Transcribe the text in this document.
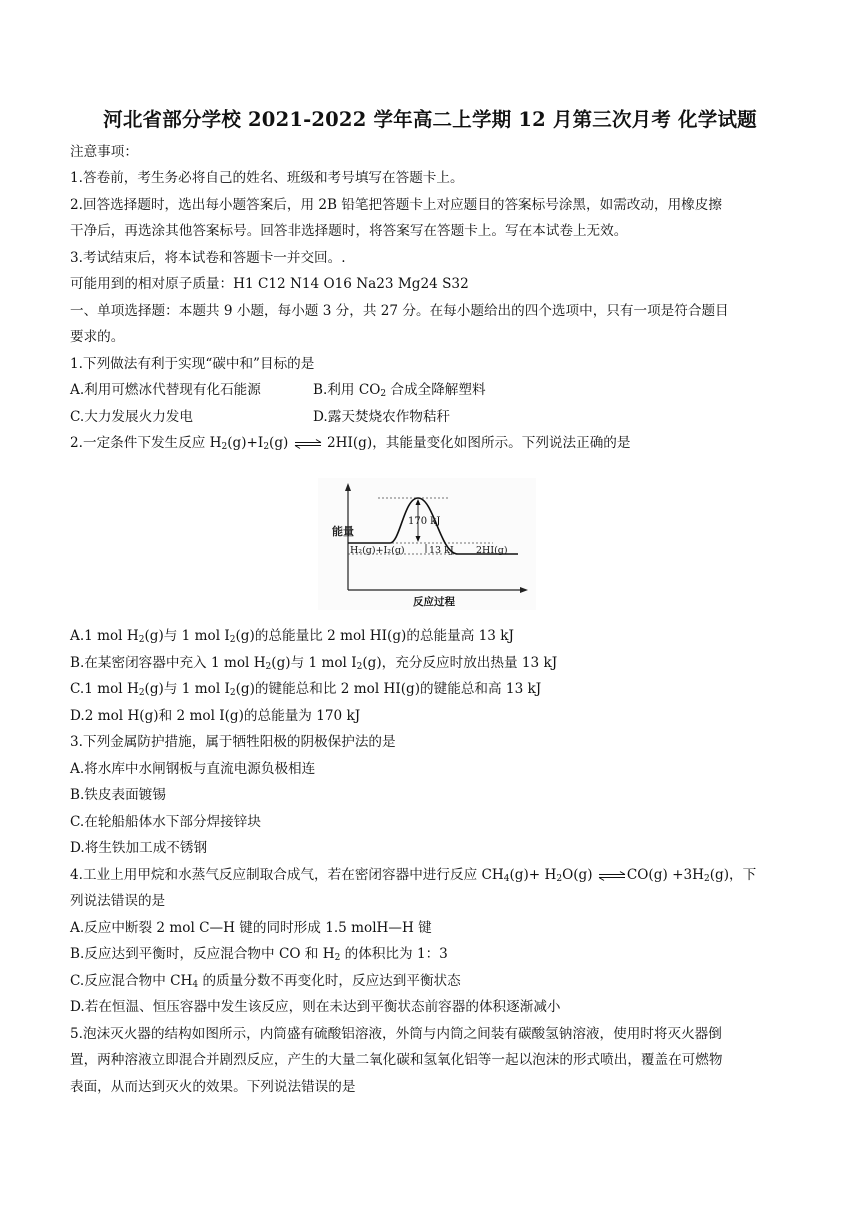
河北省部分学校 2021-2022 学年高二上学期 12 月第三次月考 化学试题
注意事项：
1.答卷前，考生务必将自己的姓名、班级和考号填写在答题卡上。
2.回答选择题时，选出每小题答案后，用 2B 铅笔把答题卡上对应题目的答案标号涂黑，如需改动，用橡皮擦
干净后，再选涂其他答案标号。回答非选择题时，将答案写在答题卡上。写在本试卷上无效。
3.考试结束后，将本试卷和答题卡一并交回。.
可能用到的相对原子质量：H1 C12 N14 O16 Na23 Mg24 S32
一、单项选择题：本题共 9 小题，每小题 3 分，共 27 分。在每小题给出的四个选项中，只有一项是符合题目
要求的。
1.下列做法有利于实现“碳中和”目标的是
A.利用可燃冰代替现有化石能源	B.利用 $CO_2$ 合成全降解塑料
C.大力发展火力发电	D.露天焚烧农作物秸秆
2.一定条件下发生反应 $H_2(g)+I_2(g)$ ⇌ 2HI(g)，其能量变化如图所示。下列说法正确的是
能量
170 kJ
13 kJ
H₂(g)+I₂(g)	2HI(g)
反应过程
A.1 mol $H_2(g)$与 1 mol $I_2(g)$的总能量比 2 mol HI(g)的总能量高 13 kJ
B.在某密闭容器中充入 1 mol $H_2(g)$与 1 mol $I_2(g)$，充分反应时放出热量 13 kJ
C.1 mol $H_2(g)$与 1 mol $I_2(g)$的键能总和比 2 mol HI(g)的键能总和高 13 kJ
D.2 mol H(g)和 2 mol I(g)的总能量为 170 kJ
3.下列金属防护措施，属于牺牲阳极的阴极保护法的是
A.将水库中水闸钢板与直流电源负极相连
B.铁皮表面镀锡
C.在轮船船体水下部分焊接锌块
D.将生铁加工成不锈钢
4.工业上用甲烷和水蒸气反应制取合成气，若在密闭容器中进行反应 $CH_4(g)+ H_2O(g)$ ⇌CO(g) $+3H_2(g)$，下
列说法错误的是
A.反应中断裂 2 mol C—H 键的同时形成 1.5 molH—H 键
B.反应达到平衡时，反应混合物中 CO 和 $H_2$ 的体积比为 1：3
C.反应混合物中 $CH_4$ 的质量分数不再变化时，反应达到平衡状态
D.若在恒温、恒压容器中发生该反应，则在未达到平衡状态前容器的体积逐渐减小
5.泡沫灭火器的结构如图所示，内筒盛有硫酸铝溶液，外筒与内筒之间装有碳酸氢钠溶液，使用时将灭火器倒
置，两种溶液立即混合并剧烈反应，产生的大量二氧化碳和氢氧化铝等一起以泡沫的形式喷出，覆盖在可燃物
表面，从而达到灭火的效果。下列说法错误的是
